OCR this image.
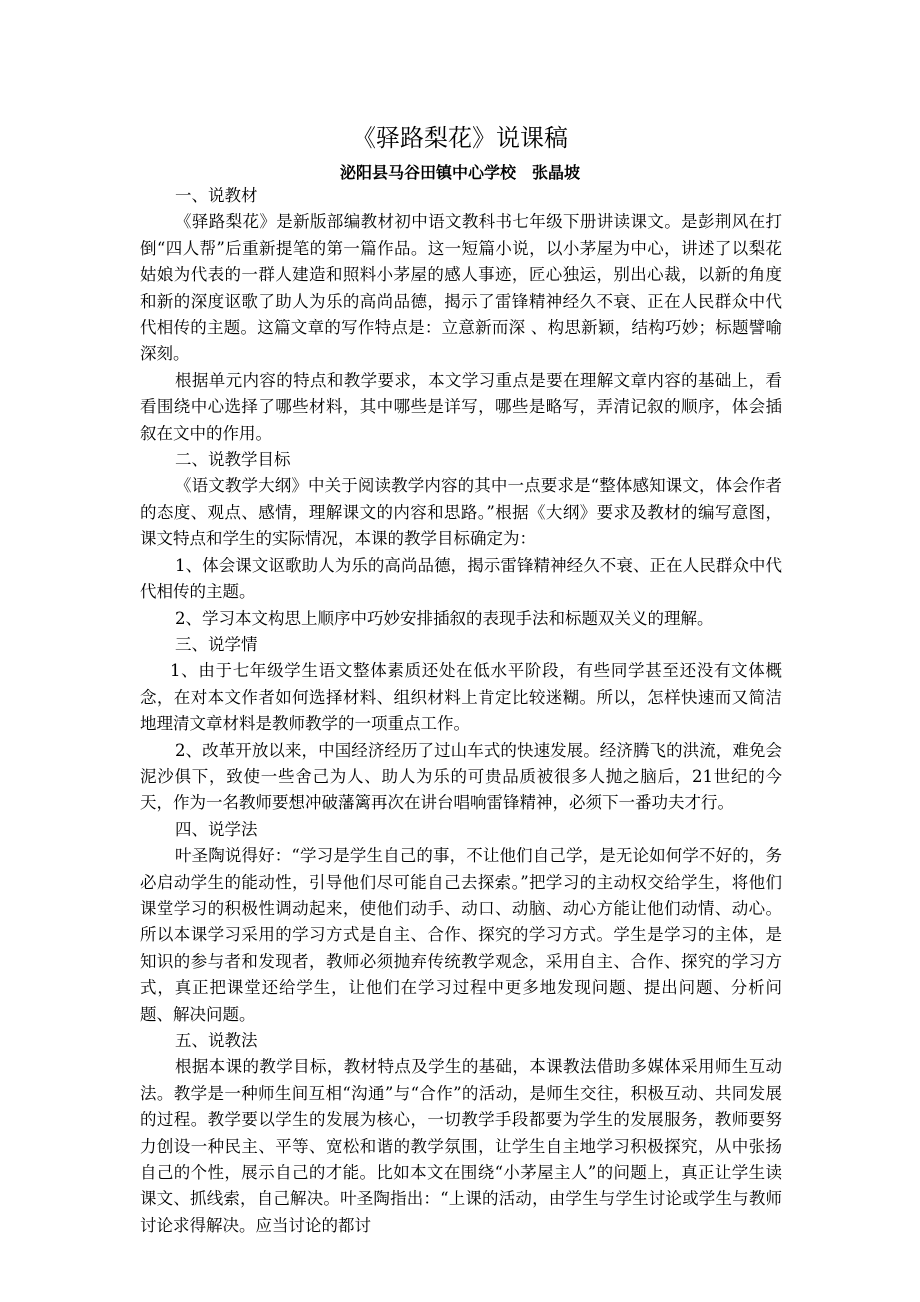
《驿路梨花》说课稿
泌阳县马谷田镇中心学校　张晶坡

一、说教材

《驿路梨花》是新版部编教材初中语文教科书七年级下册讲读课文。是彭荆风在打倒“四人帮”后重新提笔的第一篇作品。这一短篇小说，以小茅屋为中心，讲述了以梨花姑娘为代表的一群人建造和照料小茅屋的感人事迹，匠心独运，别出心裁，以新的角度和新的深度讴歌了助人为乐的高尚品德，揭示了雷锋精神经久不衰、正在人民群众中代代相传的主题。这篇文章的写作特点是：立意新而深 、构思新颖，结构巧妙；标题譬喻深刻。

根据单元内容的特点和教学要求，本文学习重点是要在理解文章内容的基础上，看看围绕中心选择了哪些材料，其中哪些是详写，哪些是略写，弄清记叙的顺序，体会插叙在文中的作用。

二、说教学目标

《语文教学大纲》中关于阅读教学内容的其中一点要求是“整体感知课文，体会作者的态度、观点、感情，理解课文的内容和思路。”根据《大纲》要求及教材的编写意图，课文特点和学生的实际情况，本课的教学目标确定为：

1、体会课文讴歌助人为乐的高尚品德，揭示雷锋精神经久不衰、正在人民群众中代代相传的主题。

2、学习本文构思上顺序中巧妙安排插叙的表现手法和标题双关义的理解。

三、说学情

1、由于七年级学生语文整体素质还处在低水平阶段，有些同学甚至还没有文体概念，在对本文作者如何选择材料、组织材料上肯定比较迷糊。所以，怎样快速而又简洁地理清文章材料是教师教学的一项重点工作。

2、改革开放以来，中国经济经历了过山车式的快速发展。经济腾飞的洪流，难免会泥沙俱下，致使一些舍己为人、助人为乐的可贵品质被很多人抛之脑后，21世纪的今天，作为一名教师要想冲破藩篱再次在讲台唱响雷锋精神，必须下一番功夫才行。

四、说学法

叶圣陶说得好：“学习是学生自己的事，不让他们自己学，是无论如何学不好的，务必启动学生的能动性，引导他们尽可能自己去探索。”把学习的主动权交给学生，将他们课堂学习的积极性调动起来，使他们动手、动口、动脑、动心方能让他们动情、动心。所以本课学习采用的学习方式是自主、合作、探究的学习方式。学生是学习的主体，是知识的参与者和发现者，教师必须抛弃传统教学观念，采用自主、合作、探究的学习方式，真正把课堂还给学生，让他们在学习过程中更多地发现问题、提出问题、分析问题、解决问题。

五、说教法

根据本课的教学目标，教材特点及学生的基础，本课教法借助多媒体采用师生互动法。教学是一种师生间互相“沟通”与“合作”的活动，是师生交往，积极互动、共同发展的过程。教学要以学生的发展为核心，一切教学手段都要为学生的发展服务，教师要努力创设一种民主、平等、宽松和谐的教学氛围，让学生自主地学习积极探究，从中张扬自己的个性，展示自己的才能。比如本文在围绕“小茅屋主人”的问题上，真正让学生读课文、抓线索，自己解决。叶圣陶指出：“上课的活动，由学生与学生讨论或学生与教师讨论求得解决。应当讨论的都讨
